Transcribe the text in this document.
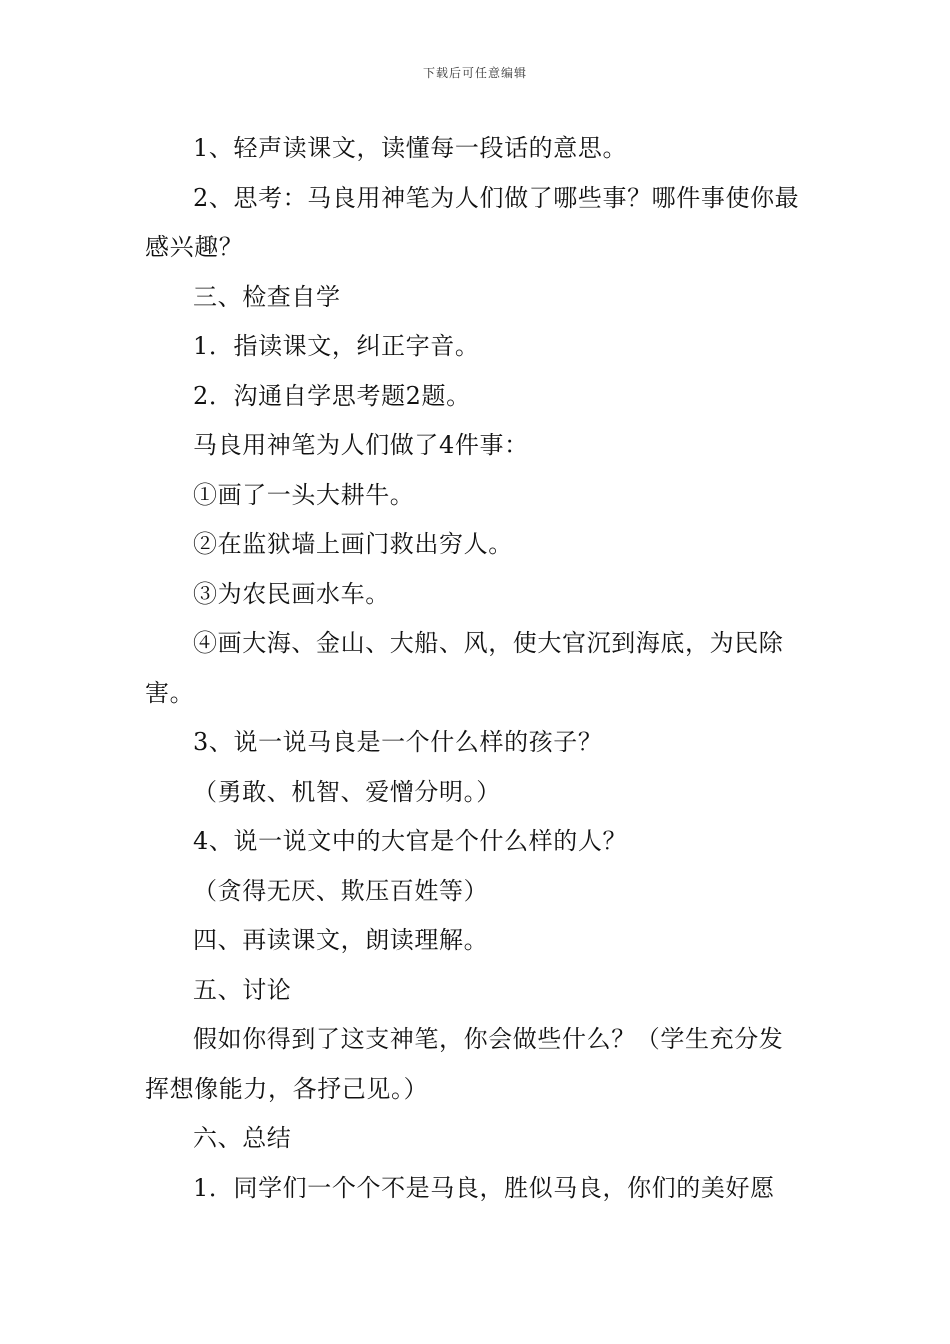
下载后可任意编辑

1、轻声读课文，读懂每一段话的意思。

2、思考：马良用神笔为人们做了哪些事？哪件事使你最感兴趣？

三、检查自学

1．指读课文，纠正字音。

2．沟通自学思考题2题。

马良用神笔为人们做了4件事：

①画了一头大耕牛。

②在监狱墙上画门救出穷人。

③为农民画水车。

④画大海、金山、大船、风，使大官沉到海底，为民除害。

3、说一说马良是一个什么样的孩子？

（勇敢、机智、爱憎分明。）

4、说一说文中的大官是个什么样的人？

（贪得无厌、欺压百姓等）

四、再读课文，朗读理解。

五、讨论

假如你得到了这支神笔，你会做些什么？（学生充分发挥想像能力，各抒己见。）

六、总结

1．同学们一个个不是马良，胜似马良，你们的美好愿
